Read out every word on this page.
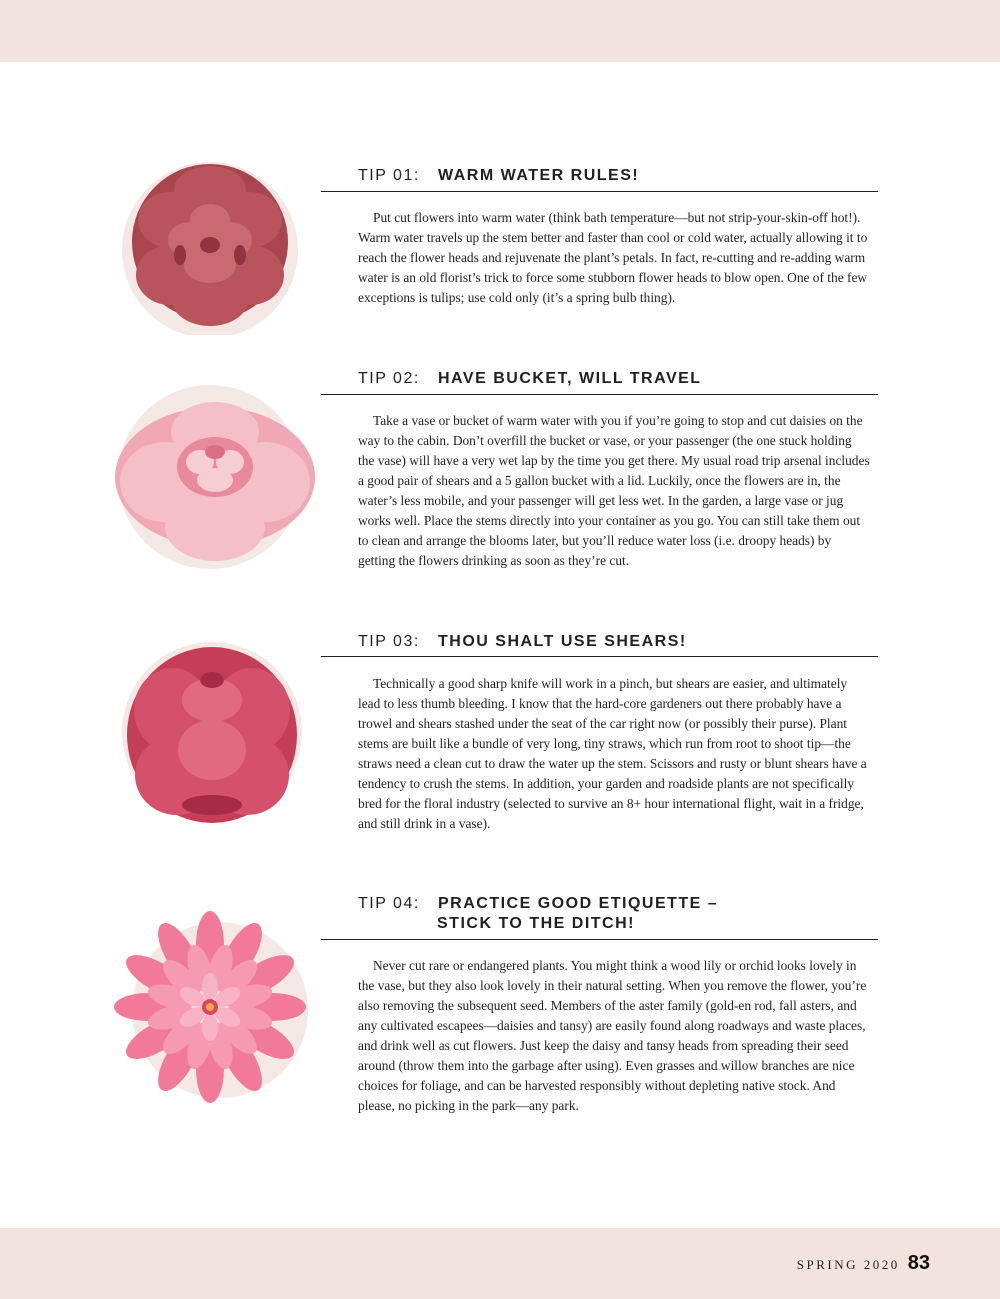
TIP 01: WARM WATER RULES!

Put cut flowers into warm water (think bath temperature—but not strip-your-skin-off hot!). Warm water travels up the stem better and faster than cool or cold water, actually allowing it to reach the flower heads and rejuvenate the plant’s petals. In fact, re-cutting and re-adding warm water is an old florist’s trick to force some stubborn flower heads to blow open. One of the few exceptions is tulips; use cold only (it’s a spring bulb thing).

TIP 02: HAVE BUCKET, WILL TRAVEL

Take a vase or bucket of warm water with you if you’re going to stop and cut daisies on the way to the cabin. Don’t overfill the bucket or vase, or your passenger (the one stuck holding the vase) will have a very wet lap by the time you get there. My usual road trip arsenal includes a good pair of shears and a 5 gallon bucket with a lid. Luckily, once the flowers are in, the water’s less mobile, and your passenger will get less wet. In the garden, a large vase or jug works well. Place the stems directly into your container as you go. You can still take them out to clean and arrange the blooms later, but you’ll reduce water loss (i.e. droopy heads) by getting the flowers drinking as soon as they’re cut.

TIP 03: THOU SHALT USE SHEARS!

Technically a good sharp knife will work in a pinch, but shears are easier, and ultimately lead to less thumb bleeding. I know that the hard-core gardeners out there probably have a trowel and shears stashed under the seat of the car right now (or possibly their purse). Plant stems are built like a bundle of very long, tiny straws, which run from root to shoot tip—the straws need a clean cut to draw the water up the stem. Scissors and rusty or blunt shears have a tendency to crush the stems. In addition, your garden and roadside plants are not specifically bred for the floral industry (selected to survive an 8+ hour international flight, wait in a fridge, and still drink in a vase).

TIP 04: PRACTICE GOOD ETIQUETTE –
STICK TO THE DITCH!

Never cut rare or endangered plants. You might think a wood lily or orchid looks lovely in the vase, but they also look lovely in their natural setting. When you remove the flower, you’re also removing the subsequent seed. Members of the aster family (gold-en rod, fall asters, and any cultivated escapees—daisies and tansy) are easily found along roadways and waste places, and drink well as cut flowers. Just keep the daisy and tansy heads from spreading their seed around (throw them into the garbage after using). Even grasses and willow branches are nice choices for foliage, and can be harvested responsibly without depleting native stock. And please, no picking in the park—any park.

SPRING 2020 83
